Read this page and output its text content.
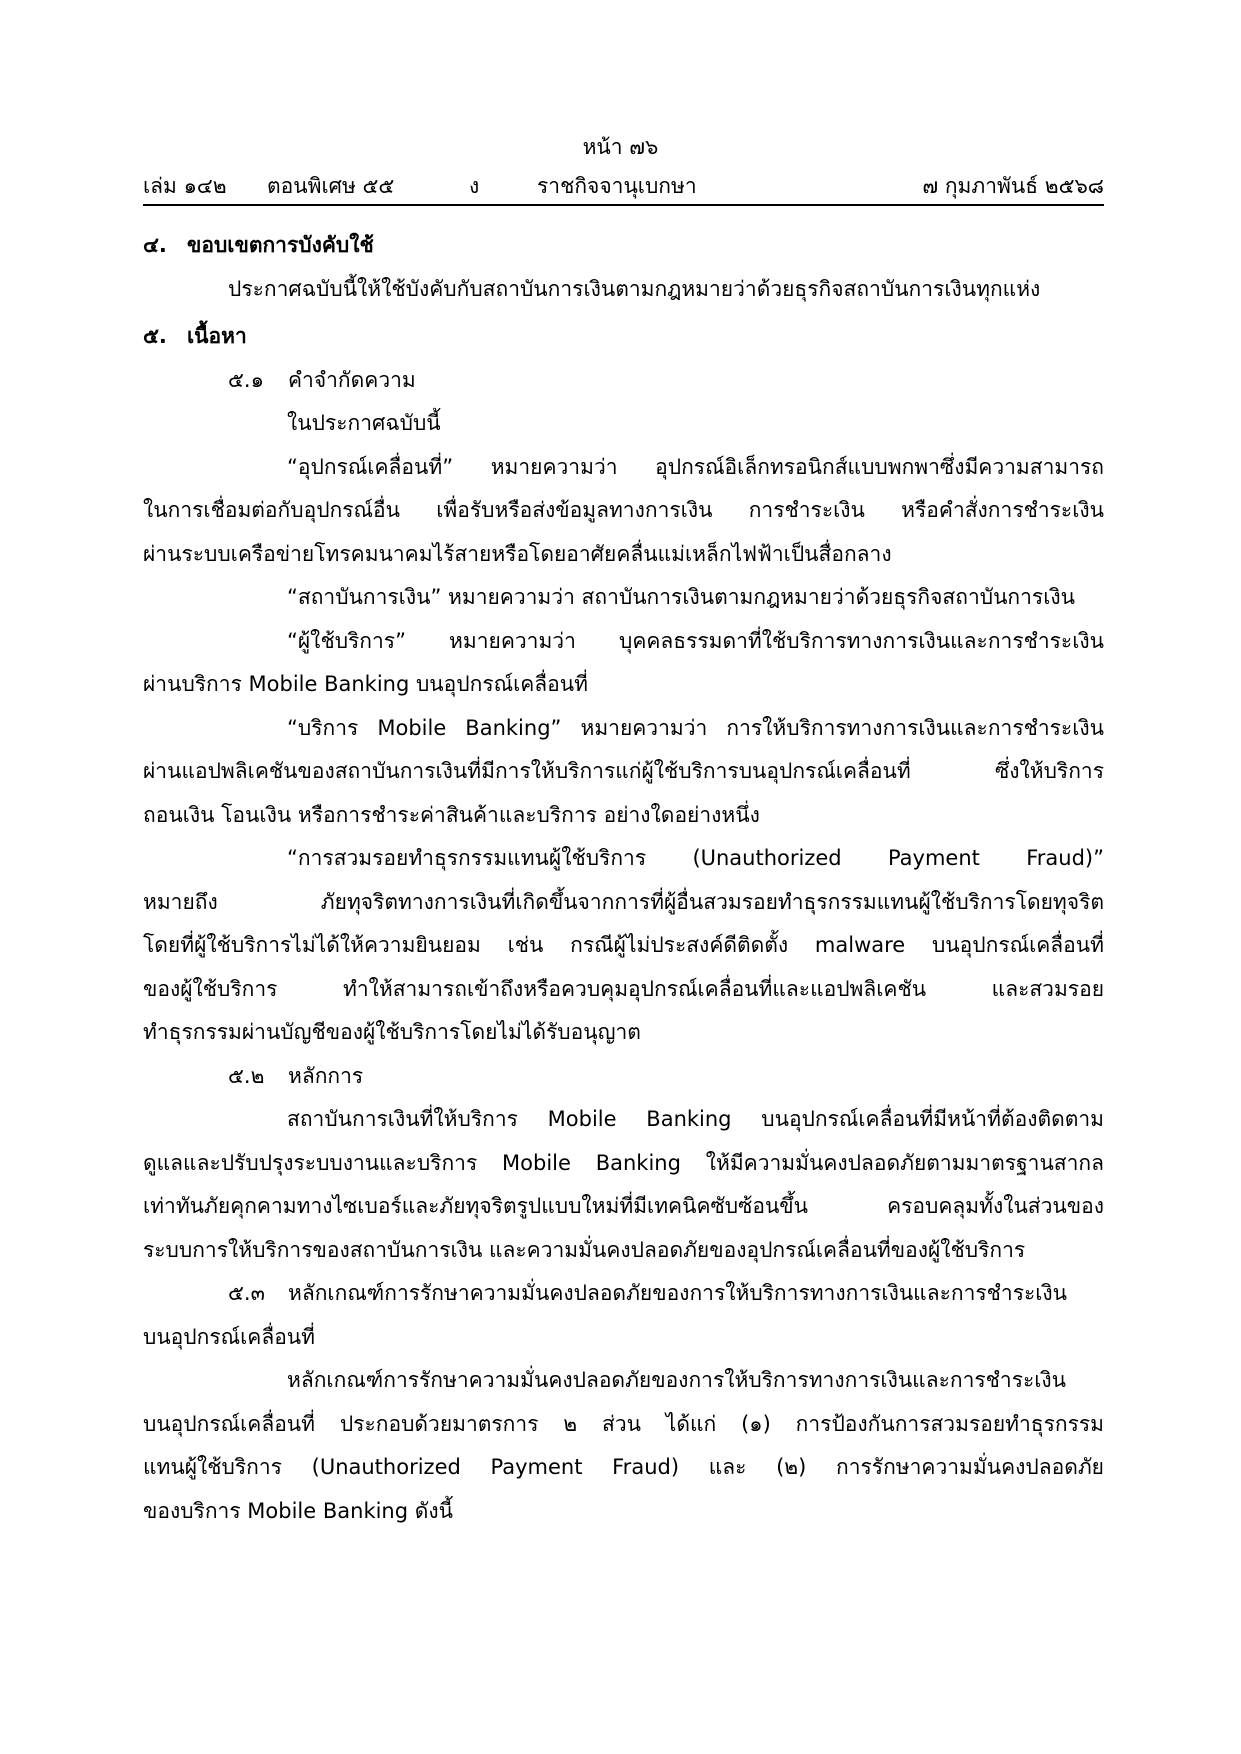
หน้า ๗๖
เล่ม ๑๔๒ ตอนพิเศษ ๕๕	ง	ราชกิจจานุเบกษา	๗ กุมภาพันธ์ ๒๕๖๘
๔. ขอบเขตการบังคับใช้
ประกาศฉบับนี้ให้ใช้บังคับกับสถาบันการเงินตามกฎหมายว่าด้วยธุรกิจสถาบันการเงินทุกแห่ง
๕. เนื้อหา
๕.๑ คำจำกัดความ
ในประกาศฉบับนี้
“อุปกรณ์เคลื่อนที่” หมายความว่า อุปกรณ์อิเล็กทรอนิกส์แบบพกพาซึ่งมีความสามารถ
ในการเชื่อมต่อกับอุปกรณ์อื่น เพื่อรับหรือส่งข้อมูลทางการเงิน การชำระเงิน หรือคำสั่งการชำระเงิน
ผ่านระบบเครือข่ายโทรคมนาคมไร้สายหรือโดยอาศัยคลื่นแม่เหล็กไฟฟ้าเป็นสื่อกลาง
“สถาบันการเงิน” หมายความว่า สถาบันการเงินตามกฎหมายว่าด้วยธุรกิจสถาบันการเงิน
“ผู้ใช้บริการ” หมายความว่า บุคคลธรรมดาที่ใช้บริการทางการเงินและการชำระเงิน
ผ่านบริการ Mobile Banking บนอุปกรณ์เคลื่อนที่
“บริการ Mobile Banking” หมายความว่า การให้บริการทางการเงินและการชำระเงิน
ผ่านแอปพลิเคชันของสถาบันการเงินที่มีการให้บริการแก่ผู้ใช้บริการบนอุปกรณ์เคลื่อนที่ ซึ่งให้บริการ
ถอนเงิน โอนเงิน หรือการชำระค่าสินค้าและบริการ อย่างใดอย่างหนึ่ง
“การสวมรอยทำธุรกรรมแทนผู้ใช้บริการ (Unauthorized Payment Fraud)”
หมายถึง ภัยทุจริตทางการเงินที่เกิดขึ้นจากการที่ผู้อื่นสวมรอยทำธุรกรรมแทนผู้ใช้บริการโดยทุจริต
โดยที่ผู้ใช้บริการไม่ได้ให้ความยินยอม เช่น กรณีผู้ไม่ประสงค์ดีติดตั้ง malware บนอุปกรณ์เคลื่อนที่
ของผู้ใช้บริการ ทำให้สามารถเข้าถึงหรือควบคุมอุปกรณ์เคลื่อนที่และแอปพลิเคชัน และสวมรอย
ทำธุรกรรมผ่านบัญชีของผู้ใช้บริการโดยไม่ได้รับอนุญาต
๕.๒ หลักการ
สถาบันการเงินที่ให้บริการ Mobile Banking บนอุปกรณ์เคลื่อนที่มีหน้าที่ต้องติดตาม
ดูแลและปรับปรุงระบบงานและบริการ Mobile Banking ให้มีความมั่นคงปลอดภัยตามมาตรฐานสากล
เท่าทันภัยคุกคามทางไซเบอร์และภัยทุจริตรูปแบบใหม่ที่มีเทคนิคซับซ้อนขึ้น ครอบคลุมทั้งในส่วนของ
ระบบการให้บริการของสถาบันการเงิน และความมั่นคงปลอดภัยของอุปกรณ์เคลื่อนที่ของผู้ใช้บริการ
๕.๓ หลักเกณฑ์การรักษาความมั่นคงปลอดภัยของการให้บริการทางการเงินและการชำระเงิน
บนอุปกรณ์เคลื่อนที่
หลักเกณฑ์การรักษาความมั่นคงปลอดภัยของการให้บริการทางการเงินและการชำระเงิน
บนอุปกรณ์เคลื่อนที่ ประกอบด้วยมาตรการ ๒ ส่วน ได้แก่ (๑) การป้องกันการสวมรอยทำธุรกรรม
แทนผู้ใช้บริการ (Unauthorized Payment Fraud) และ (๒) การรักษาความมั่นคงปลอดภัย
ของบริการ Mobile Banking ดังนี้
